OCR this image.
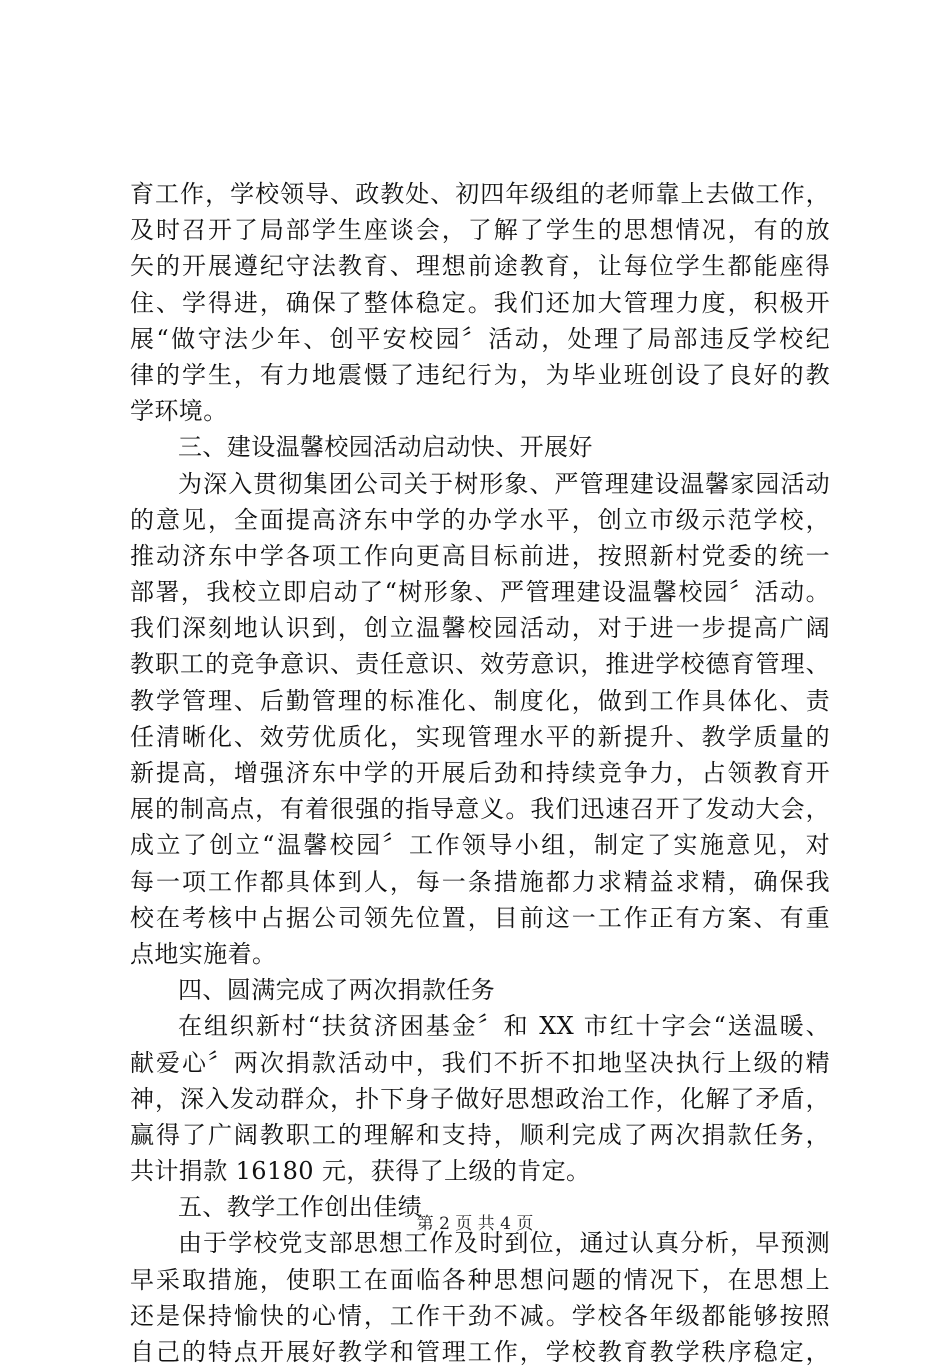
育工作，学校领导、政教处、初四年级组的老师靠上去做工作，
及时召开了局部学生座谈会，了解了学生的思想情况，有的放
矢的开展遵纪守法教育、理想前途教育，让每位学生都能座得
住、学得进，确保了整体稳定。我们还加大管理力度，积极开
展“做守法少年、创平安校园〞活动，处理了局部违反学校纪
律的学生，有力地震慑了违纪行为，为毕业班创设了良好的教
学环境。
三、建设温馨校园活动启动快、开展好
为深入贯彻集团公司关于树形象、严管理建设温馨家园活动
的意见，全面提高济东中学的办学水平，创立市级示范学校，
推动济东中学各项工作向更高目标前进，按照新村党委的统一
部署，我校立即启动了“树形象、严管理建设温馨校园〞活动。
我们深刻地认识到，创立温馨校园活动，对于进一步提高广阔
教职工的竞争意识、责任意识、效劳意识，推进学校德育管理、
教学管理、后勤管理的标准化、制度化，做到工作具体化、责
任清晰化、效劳优质化，实现管理水平的新提升、教学质量的
新提高，增强济东中学的开展后劲和持续竞争力，占领教育开
展的制高点，有着很强的指导意义。我们迅速召开了发动大会，
成立了创立“温馨校园〞工作领导小组，制定了实施意见，对
每一项工作都具体到人，每一条措施都力求精益求精，确保我
校在考核中占据公司领先位置，目前这一工作正有方案、有重
点地实施着。
四、圆满完成了两次捐款任务
在组织新村“扶贫济困基金〞和 XX 市红十字会“送温暖、
献爱心〞两次捐款活动中，我们不折不扣地坚决执行上级的精
神，深入发动群众，扑下身子做好思想政治工作，化解了矛盾，
赢得了广阔教职工的理解和支持，顺利完成了两次捐款任务，
共计捐款 16180 元，获得了上级的肯定。
五、教学工作创出佳绩
由于学校党支部思想工作及时到位，通过认真分析，早预测
早采取措施，使职工在面临各种思想问题的情况下，在思想上
还是保持愉快的心情，工作干劲不减。学校各年级都能够按照
自己的特点开展好教学和管理工作，学校教育教学秩序稳定，
第 2 页 共 4 页
